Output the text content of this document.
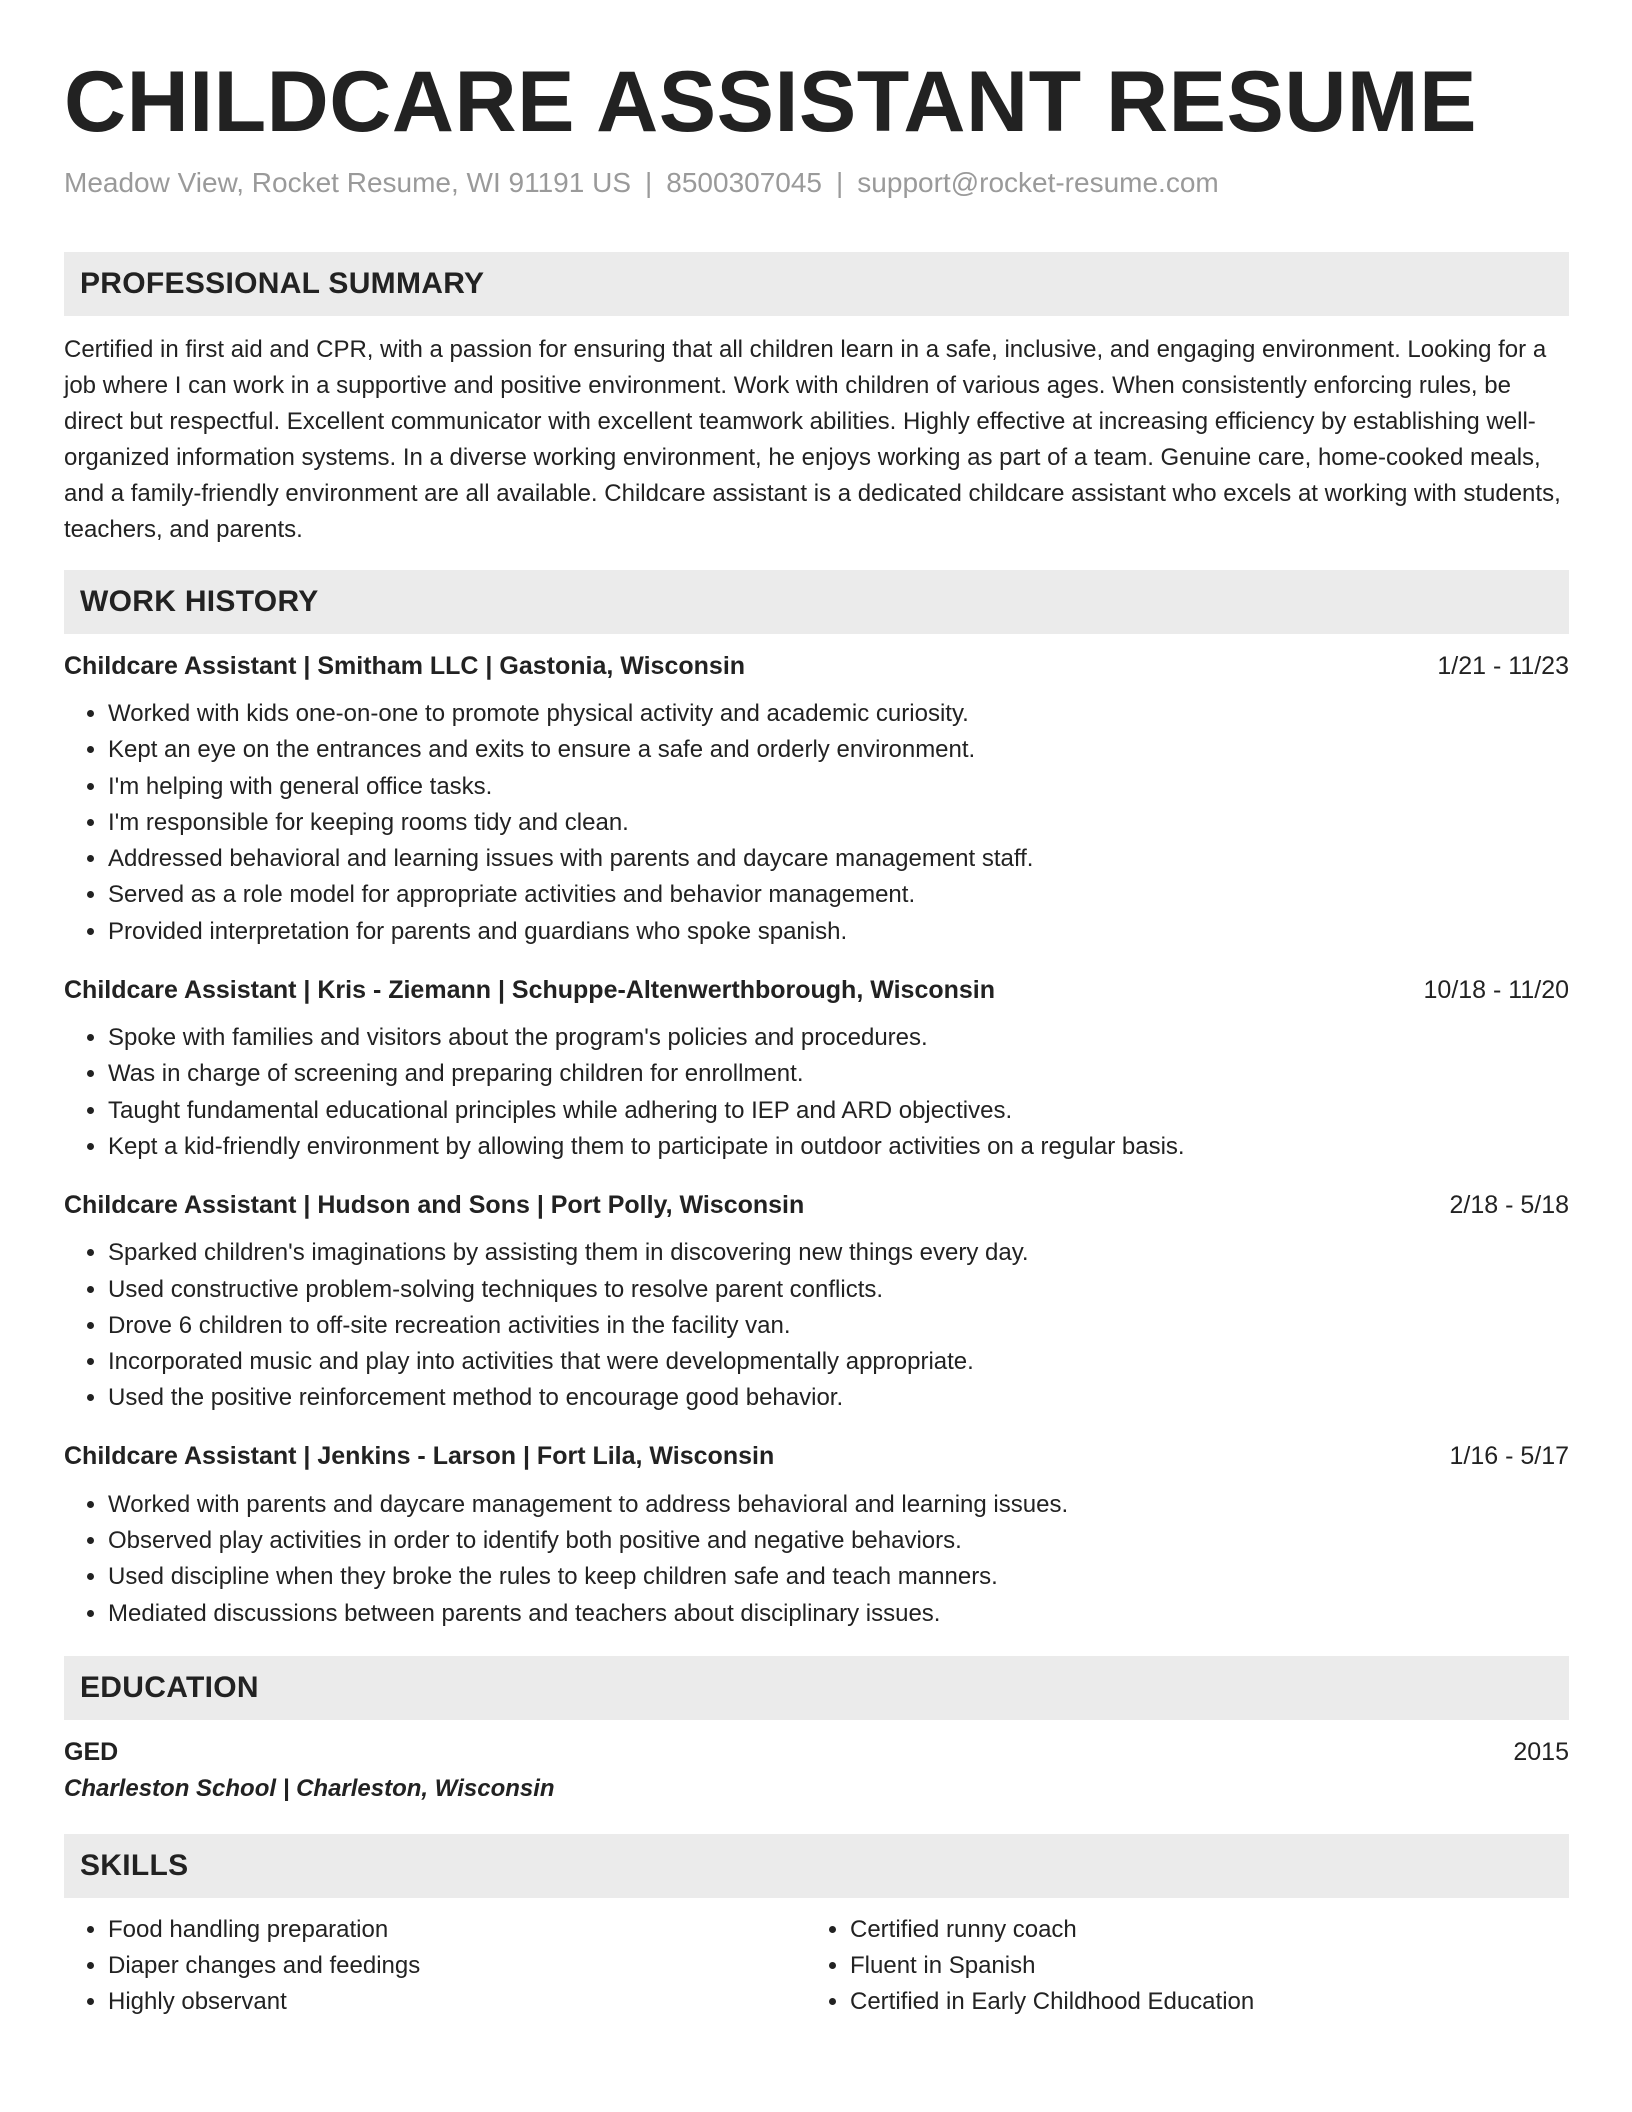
CHILDCARE ASSISTANT RESUME
Meadow View, Rocket Resume, WI 91191 US | 8500307045 | support@rocket-resume.com
PROFESSIONAL SUMMARY
Certified in first aid and CPR, with a passion for ensuring that all children learn in a safe, inclusive, and engaging environment. Looking for a job where I can work in a supportive and positive environment. Work with children of various ages. When consistently enforcing rules, be direct but respectful. Excellent communicator with excellent teamwork abilities. Highly effective at increasing efficiency by establishing well-organized information systems. In a diverse working environment, he enjoys working as part of a team. Genuine care, home-cooked meals, and a family-friendly environment are all available. Childcare assistant is a dedicated childcare assistant who excels at working with students, teachers, and parents.
WORK HISTORY
Childcare Assistant | Smitham LLC | Gastonia, Wisconsin	1/21 - 11/23
• Worked with kids one-on-one to promote physical activity and academic curiosity.
• Kept an eye on the entrances and exits to ensure a safe and orderly environment.
• I'm helping with general office tasks.
• I'm responsible for keeping rooms tidy and clean.
• Addressed behavioral and learning issues with parents and daycare management staff.
• Served as a role model for appropriate activities and behavior management.
• Provided interpretation for parents and guardians who spoke spanish.
Childcare Assistant | Kris - Ziemann | Schuppe-Altenwerthborough, Wisconsin	10/18 - 11/20
• Spoke with families and visitors about the program's policies and procedures.
• Was in charge of screening and preparing children for enrollment.
• Taught fundamental educational principles while adhering to IEP and ARD objectives.
• Kept a kid-friendly environment by allowing them to participate in outdoor activities on a regular basis.
Childcare Assistant | Hudson and Sons | Port Polly, Wisconsin	2/18 - 5/18
• Sparked children's imaginations by assisting them in discovering new things every day.
• Used constructive problem-solving techniques to resolve parent conflicts.
• Drove 6 children to off-site recreation activities in the facility van.
• Incorporated music and play into activities that were developmentally appropriate.
• Used the positive reinforcement method to encourage good behavior.
Childcare Assistant | Jenkins - Larson | Fort Lila, Wisconsin	1/16 - 5/17
• Worked with parents and daycare management to address behavioral and learning issues.
• Observed play activities in order to identify both positive and negative behaviors.
• Used discipline when they broke the rules to keep children safe and teach manners.
• Mediated discussions between parents and teachers about disciplinary issues.
EDUCATION
GED	2015
Charleston School | Charleston, Wisconsin
SKILLS
• Food handling preparation
• Diaper changes and feedings
• Highly observant
• Certified runny coach
• Fluent in Spanish
• Certified in Early Childhood Education
